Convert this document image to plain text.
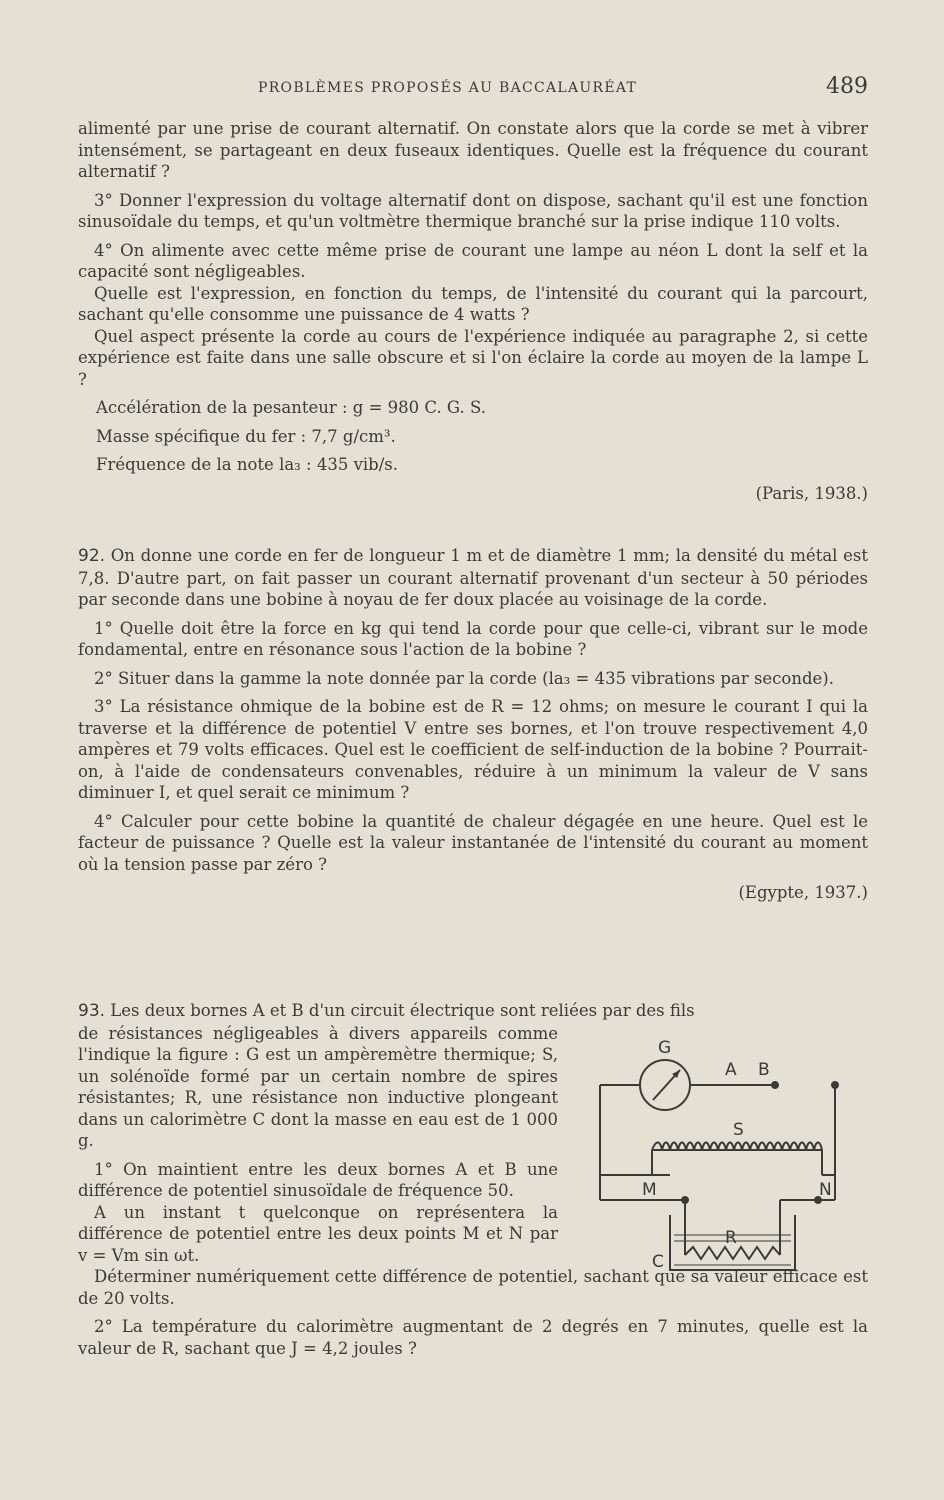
PROBLÈMES PROPOSÉS AU BACCALAURÉAT	489

alimenté par une prise de courant alternatif. On constate alors que la corde se met à vibrer intensément, se partageant en deux fuseaux identiques. Quelle est la fréquence du courant alternatif ?

3° Donner l'expression du voltage alternatif dont on dispose, sachant qu'il est une fonction sinusoïdale du temps, et qu'un voltmètre thermique branché sur la prise indique 110 volts.

4° On alimente avec cette même prise de courant une lampe au néon L dont la self et la capacité sont négligeables.

Quelle est l'expression, en fonction du temps, de l'intensité du courant qui la parcourt, sachant qu'elle consomme une puissance de 4 watts ?

Quel aspect présente la corde au cours de l'expérience indiquée au paragraphe 2, si cette expérience est faite dans une salle obscure et si l'on éclaire la corde au moyen de la lampe L ?

Accélération de la pesanteur : g = 980 C. G. S.

Masse spécifique du fer : 7,7 g/cm³.

Fréquence de la note la₃ : 435 vib/s.

(Paris, 1938.)

92. On donne une corde en fer de longueur 1 m et de diamètre 1 mm; la densité du métal est 7,8. D'autre part, on fait passer un courant alternatif provenant d'un secteur à 50 périodes par seconde dans une bobine à noyau de fer doux placée au voisinage de la corde.

1° Quelle doit être la force en kg qui tend la corde pour que celle-ci, vibrant sur le mode fondamental, entre en résonance sous l'action de la bobine ?

2° Situer dans la gamme la note donnée par la corde (la₃ = 435 vibrations par seconde).

3° La résistance ohmique de la bobine est de R = 12 ohms; on mesure le courant I qui la traverse et la différence de potentiel V entre ses bornes, et l'on trouve respectivement 4,0 ampères et 79 volts efficaces. Quel est le coefficient de self-induction de la bobine ? Pourrait-on, à l'aide de condensateurs convenables, réduire à un minimum la valeur de V sans diminuer I, et quel serait ce minimum ?

4° Calculer pour cette bobine la quantité de chaleur dégagée en une heure. Quel est le facteur de puissance ? Quelle est la valeur instantanée de l'intensité du courant au moment où la tension passe par zéro ?

(Egypte, 1937.)

93. Les deux bornes A et B d'un circuit électrique sont reliées par des fils

de résistances négligeables à divers appareils comme l'indique la figure : G est un ampèremètre thermique; S, un solénoïde formé par un certain nombre de spires résistantes; R, une résistance non inductive plongeant dans un calorimètre C dont la masse en eau est de 1 000 g.

1° On maintient entre les deux bornes A et B une différence de potentiel sinusoïdale de fréquence 50.

A un instant t quelconque on représentera la différence de potentiel entre les deux points M et N par v = Vm sin ωt.

Déterminer numériquement cette différence de potentiel, sachant que sa valeur efficace est de 20 volts.

2° La température du calorimètre augmentant de 2 degrés en 7 minutes, quelle est la valeur de R, sachant que J = 4,2 joules ?

G
A B
S
M	N
R
C
